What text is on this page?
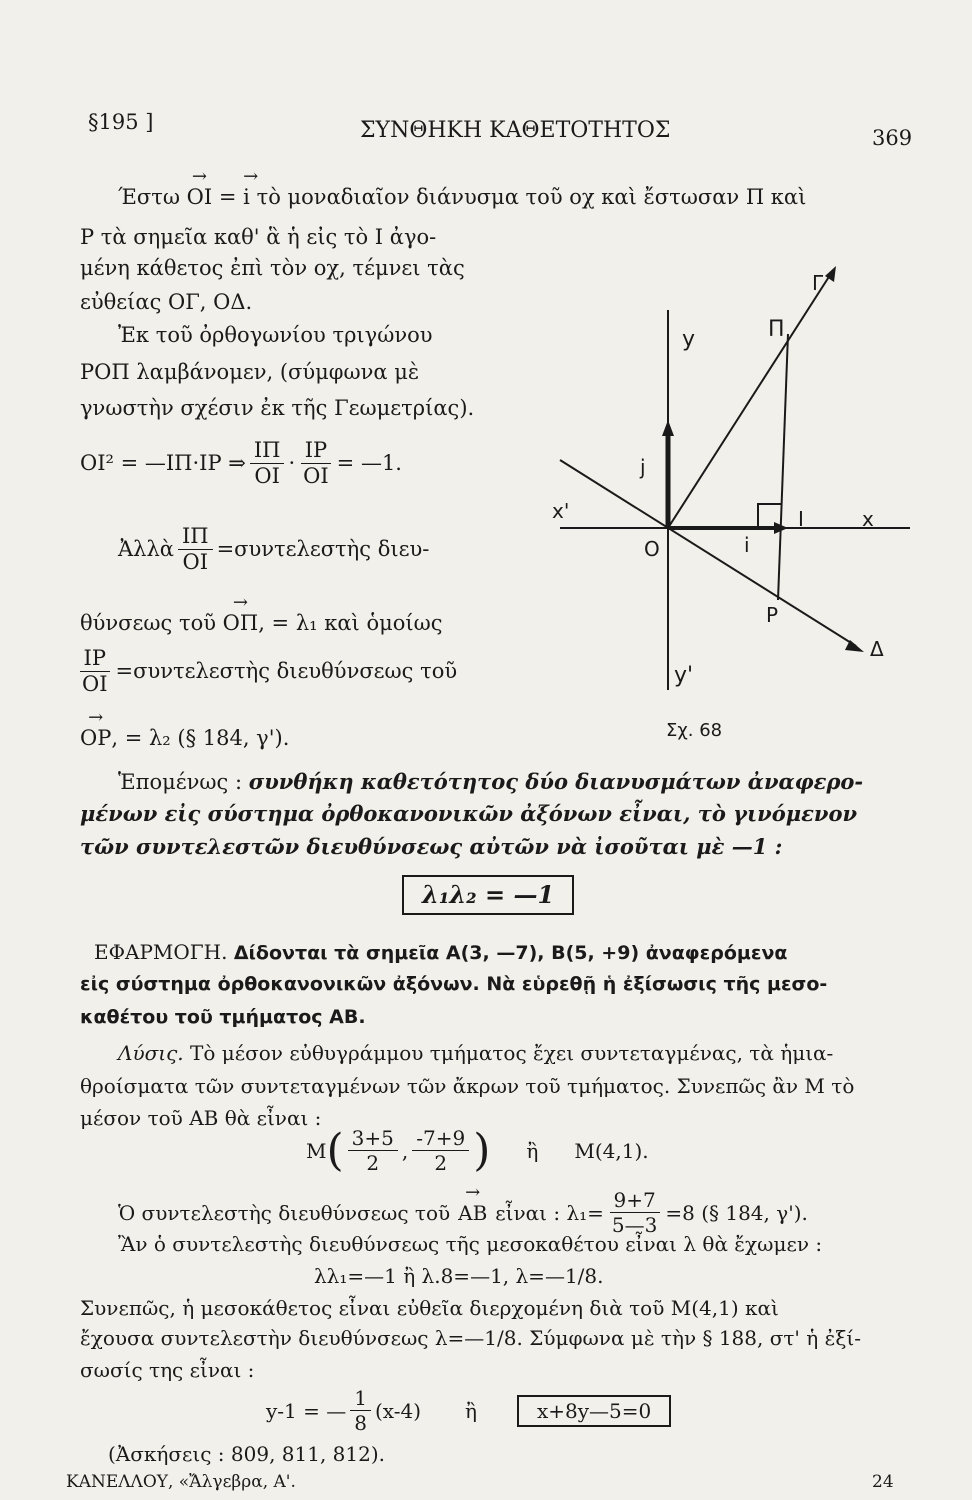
§195 ]	ΣΥΝΘΗΚΗ ΚΑΘΕΤΟΤΗΤΟΣ	369
Έστω → ΟΙ = → i τὸ μοναδιαῖον διάνυσμα τοῦ οχ καὶ ἔστωσαν Π καὶ
Ρ τὰ σημεῖα καθ' ἃ ἡ εἰς τὸ Ι ἀγο-
μένη κάθετος ἐπὶ τὸν οχ, τέμνει τὰς
εὐθείας ΟΓ, ΟΔ.
Ἐκ τοῦ ὀρθογωνίου τριγώνου
ΡΟΠ λαμβάνομεν, (σύμφωνα μὲ
γνωστὴν σχέσιν ἐκ τῆς Γεωμετρίας).
ΟΙ² = —ΙΠ·ΙΡ ⇒ $\frac{I\Pi}{OI} \cdot \frac{IP}{OI}$ = —1.
Ἀλλὰ $\frac{I\Pi}{OI}$ =συντελεστὴς διευ-
θύνσεως τοῦ → ΟΠ, = λ₁ καὶ ὁμοίως
$\frac{IP}{OI}$ =συντελεστὴς διευθύνσεως τοῦ
→ ΟΡ, = λ₂ (§ 184, γ').
Γ
y	Π
j
I	x
x'
O	i
P
Δ
y'
Σχ. 68
Ἑπομένως : συνθήκη καθετότητος δύο διανυσμάτων ἀναφερο-
μένων εἰς σύστημα ὀρθοκανονικῶν ἀξόνων εἶναι, τὸ γινόμενον
τῶν συντελεστῶν διευθύνσεως αὐτῶν νὰ ἰσοῦται μὲ —1 :
λ₁λ₂ = —1
ΕΦΑΡΜΟΓΗ. Δίδονται τὰ σημεῖα Α(3, —7), Β(5, +9) ἀναφερόμενα
εἰς σύστημα ὀρθοκανονικῶν ἀξόνων. Νὰ εὑρεθῇ ἡ ἐξίσωσις τῆς μεσο-
καθέτου τοῦ τμήματος ΑΒ.
Λύσις. Τὸ μέσον εὐθυγράμμου τμήματος ἔχει συντεταγμένας, τὰ ἡμια-
θροίσματα τῶν συντεταγμένων τῶν ἄκρων τοῦ τμήματος. Συνεπῶς ἂν Μ τὸ
μέσον τοῦ ΑΒ θὰ εἶναι :
Μ ( $\frac{3+5}{2}$ , $\frac{-7+9}{2}$ ) ἢ Μ(4,1).
Ὁ συντελεστὴς διευθύνσεως τοῦ → ΑΒ εἶναι : $\lambda_1= \frac{9+7}{5—3} =8$ (§ 184, γ').
Ἂν ὁ συντελεστὴς διευθύνσεως τῆς μεσοκαθέτου εἶναι λ θὰ ἔχωμεν :
λλ₁=—1 ἢ λ.8=—1, λ=—1/8.
Συνεπῶς, ἡ μεσοκάθετος εἶναι εὐθεῖα διερχομένη διὰ τοῦ Μ(4,1) καὶ
ἔχουσα συντελεστὴν διευθύνσεως λ=—1/8. Σύμφωνα μὲ τὴν § 188, στ' ἡ ἐξί-
σωσίς της εἶναι :
y-1 = — $\frac{1}{8} (x-4)$ ἢ	x+8y—5=0
(Ἀσκήσεις : 809, 811, 812).
ΚΑΝΕΛΛΟΥ, «Ἄλγεβρα, Α'.	24
